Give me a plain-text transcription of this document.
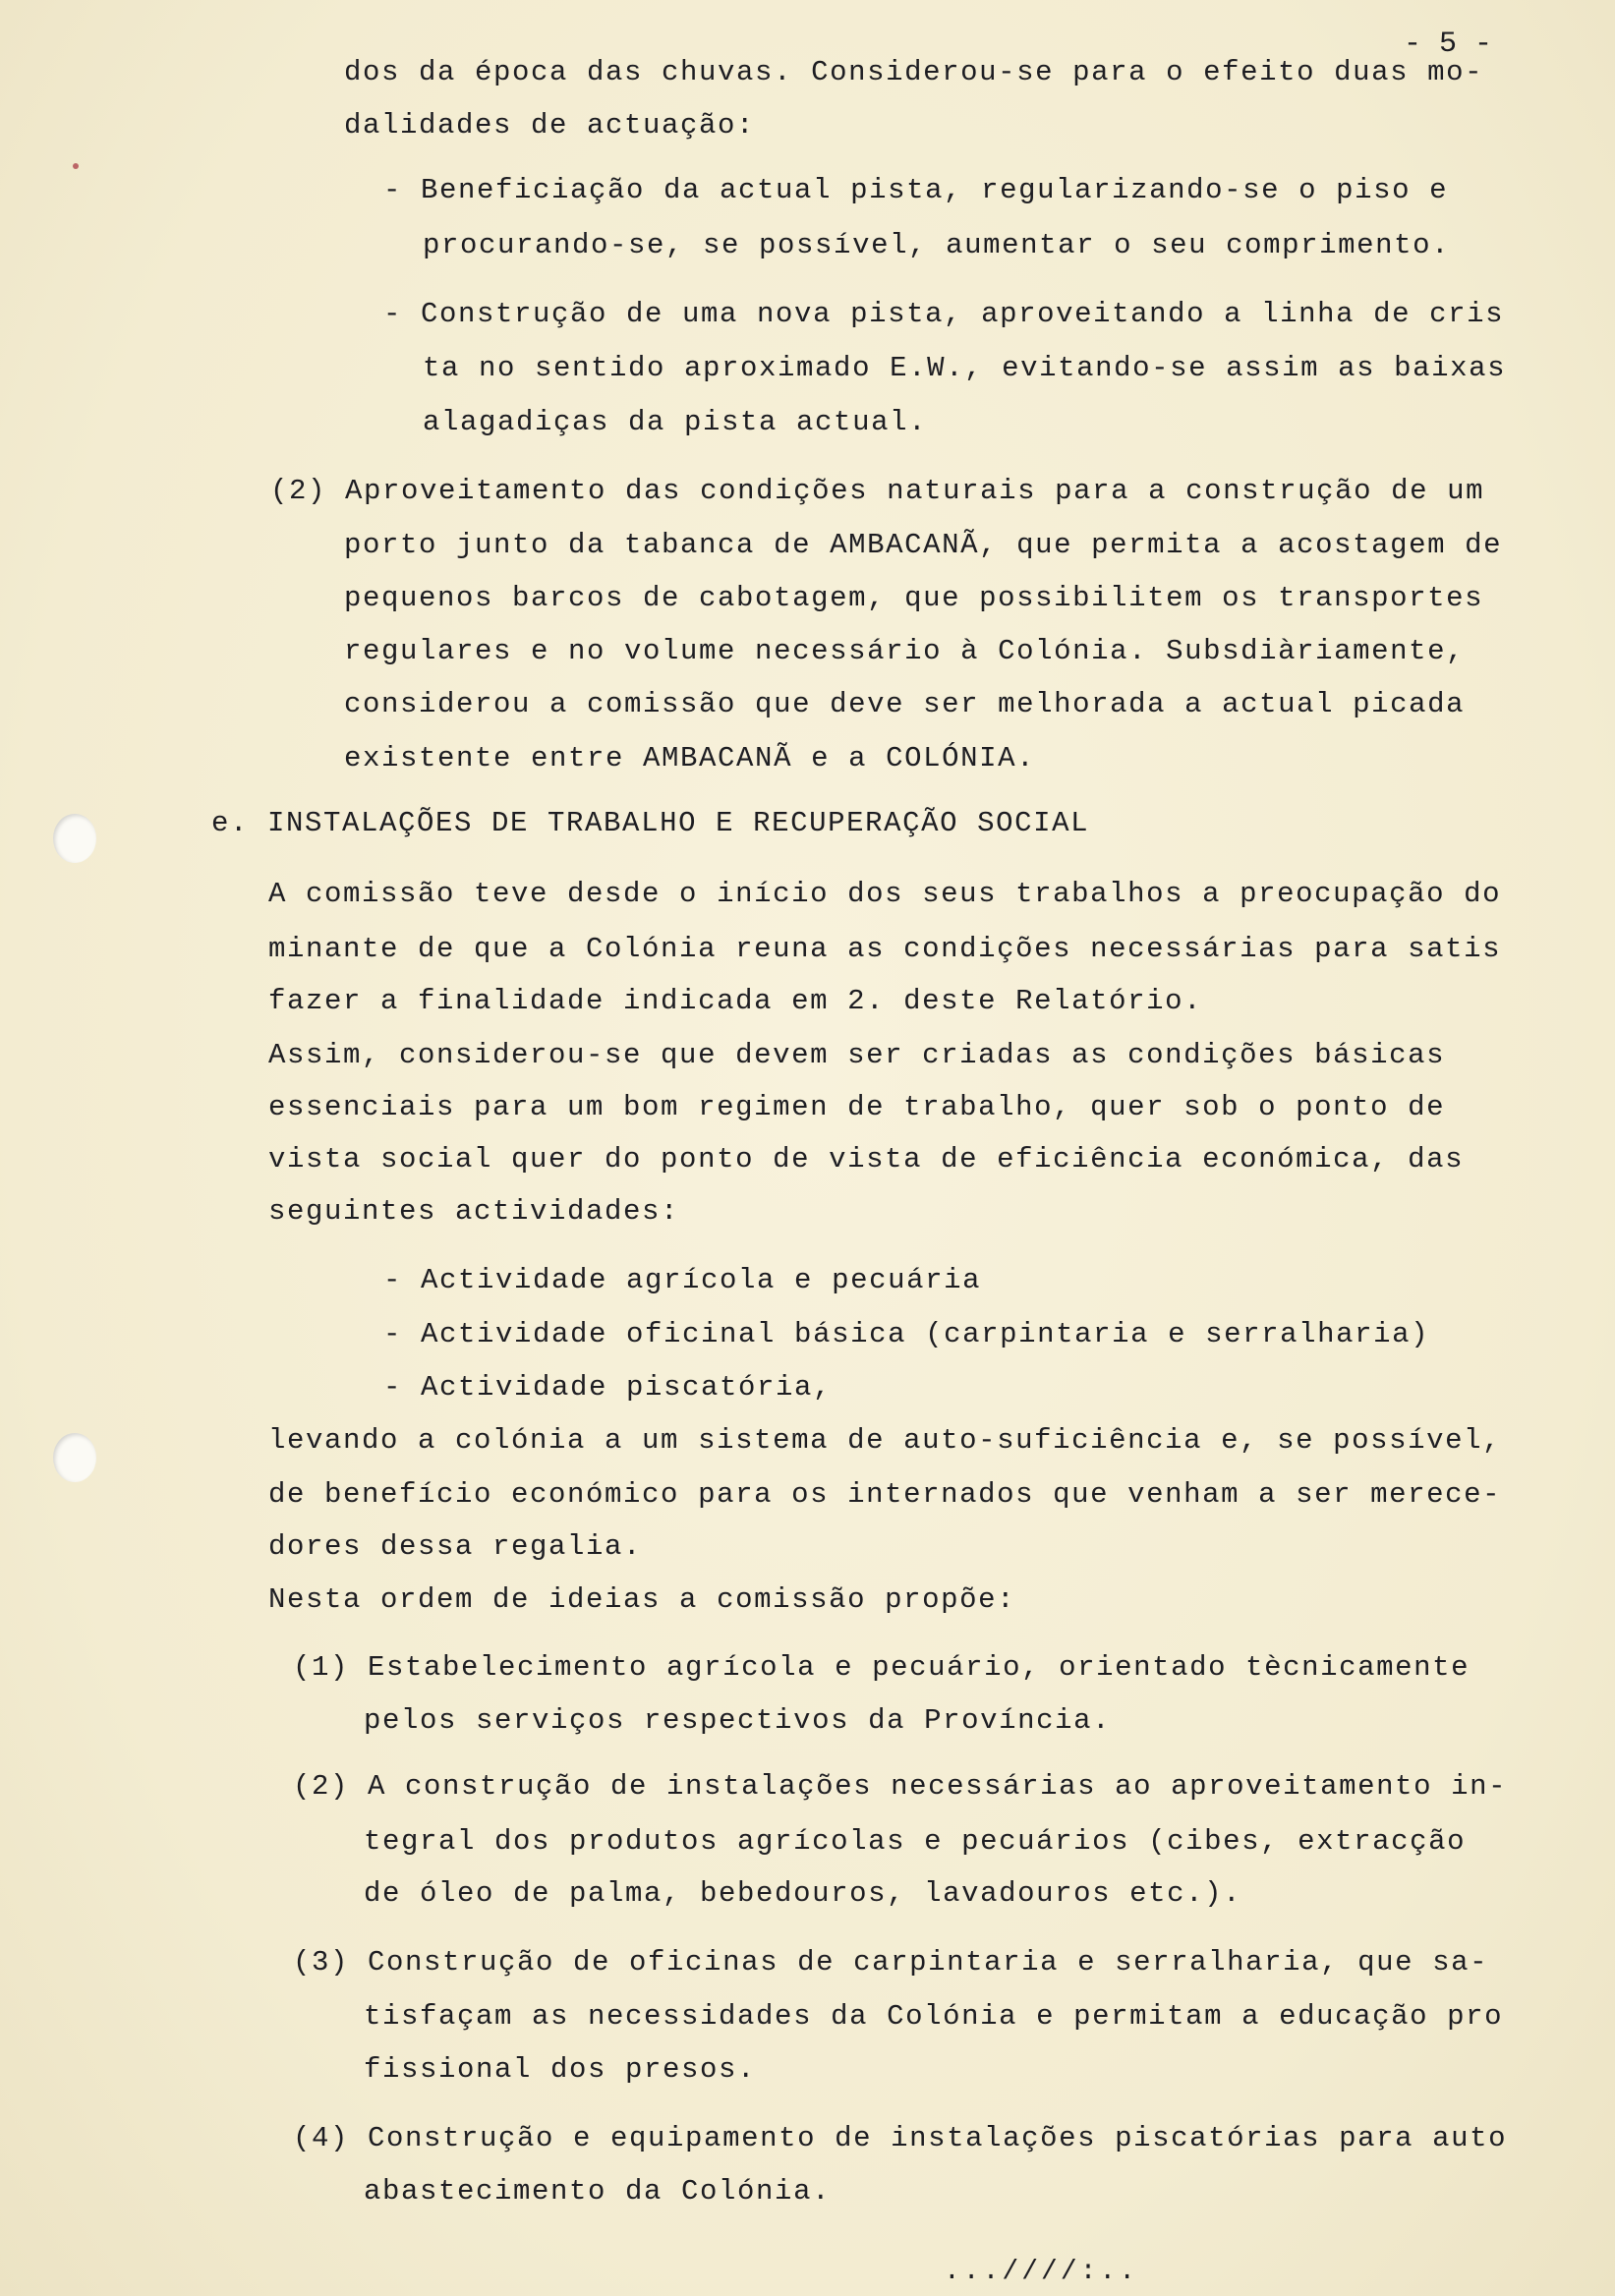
- 5 -
dos da época das chuvas. Considerou-se para o efeito duas mo-
dalidades de actuação:
- Beneficiação da actual pista, regularizando-se o piso e
procurando-se, se possível, aumentar o seu comprimento.
- Construção de uma nova pista, aproveitando a linha de cris
ta no sentido aproximado E.W., evitando-se assim as baixas
alagadiças da pista actual.
(2) Aproveitamento das condições naturais para a construção de um
porto junto da tabanca de AMBACANÃ, que permita a acostagem de
pequenos barcos de cabotagem, que possibilitem os transportes
regulares e no volume necessário à Colónia. Subsdiàriamente,
considerou a comissão que deve ser melhorada a actual picada
existente entre AMBACANÃ e a COLÓNIA.
e. INSTALAÇÕES DE TRABALHO E RECUPERAÇÃO SOCIAL
A comissão teve desde o início dos seus trabalhos a preocupação do
minante de que a Colónia reuna as condições necessárias para satis
fazer a finalidade indicada em 2. deste Relatório.
Assim, considerou-se que devem ser criadas as condições básicas
essenciais para um bom regimen de trabalho, quer sob o ponto de
vista social quer do ponto de vista de eficiência económica, das
seguintes actividades:
- Actividade agrícola e pecuária
- Actividade oficinal básica (carpintaria e serralharia)
- Actividade piscatória,
levando a colónia a um sistema de auto-suficiência e, se possível,
de benefício económico para os internados que venham a ser merece-
dores dessa regalia.
Nesta ordem de ideias a comissão propõe:
(1) Estabelecimento agrícola e pecuário, orientado tècnicamente
pelos serviços respectivos da Província.
(2) A construção de instalações necessárias ao aproveitamento in-
tegral dos produtos agrícolas e pecuários (cibes, extracção
de óleo de palma, bebedouros, lavadouros etc.).
(3) Construção de oficinas de carpintaria e serralharia, que sa-
tisfaçam as necessidades da Colónia e permitam a educação pro
fissional dos presos.
(4) Construção e equipamento de instalações piscatórias para auto
abastecimento da Colónia.
...////:..
